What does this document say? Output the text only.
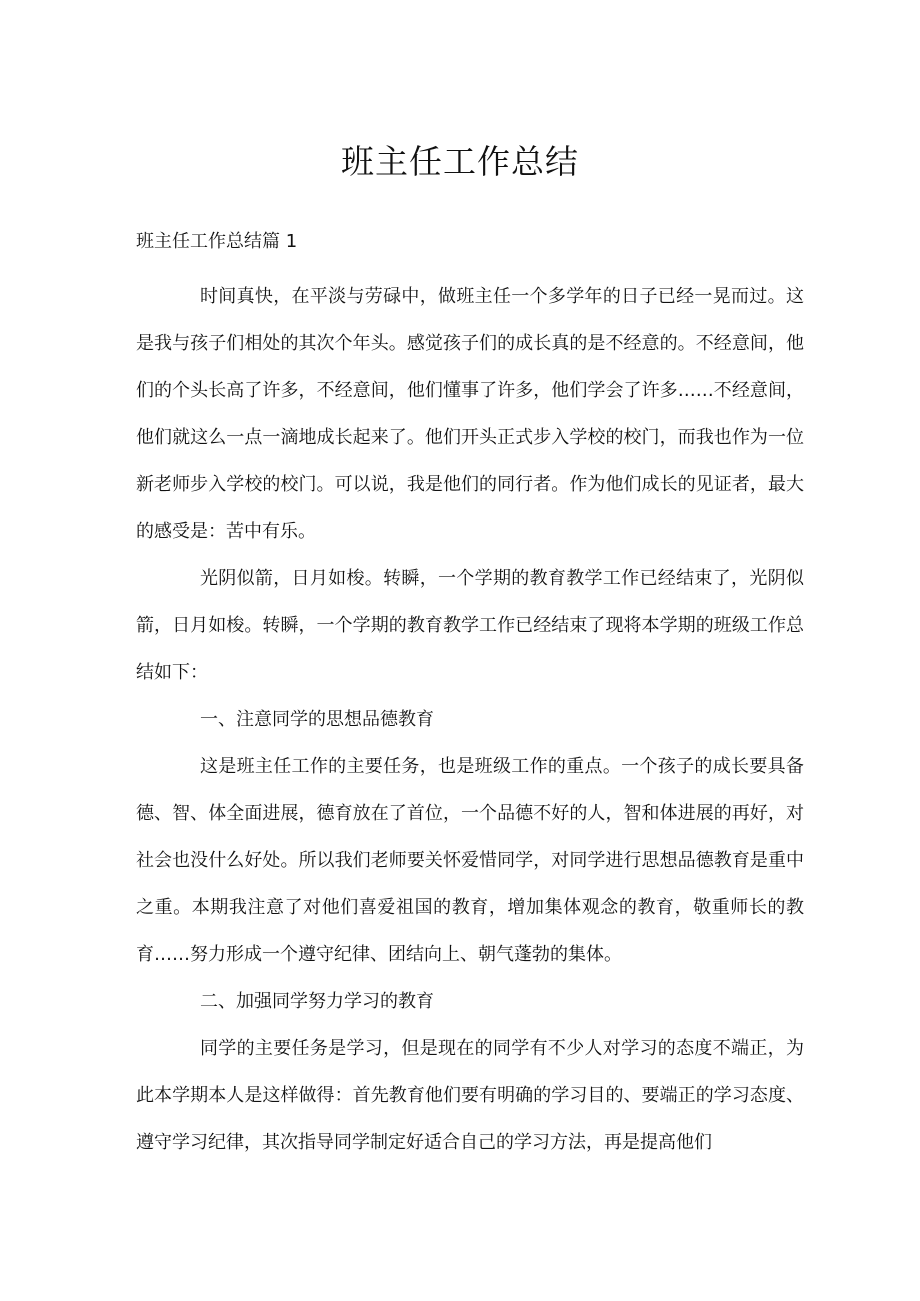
班主任工作总结
班主任工作总结篇 1

时间真快，在平淡与劳碌中，做班主任一个多学年的日子已经一晃而过。这是我与孩子们相处的其次个年头。感觉孩子们的成长真的是不经意的。不经意间，他们的个头长高了许多，不经意间，他们懂事了许多，他们学会了许多……不经意间，他们就这么一点一滴地成长起来了。他们开头正式步入学校的校门，而我也作为一位新老师步入学校的校门。可以说，我是他们的同行者。作为他们成长的见证者，最大的感受是：苦中有乐。

光阴似箭，日月如梭。转瞬，一个学期的教育教学工作已经结束了，光阴似箭，日月如梭。转瞬，一个学期的教育教学工作已经结束了现将本学期的班级工作总结如下：

一、注意同学的思想品德教育

这是班主任工作的主要任务，也是班级工作的重点。一个孩子的成长要具备德、智、体全面进展，德育放在了首位，一个品德不好的人，智和体进展的再好，对社会也没什么好处。所以我们老师要关怀爱惜同学，对同学进行思想品德教育是重中之重。本期我注意了对他们喜爱祖国的教育，增加集体观念的教育，敬重师长的教育……努力形成一个遵守纪律、团结向上、朝气蓬勃的集体。

二、加强同学努力学习的教育

同学的主要任务是学习，但是现在的同学有不少人对学习的态度不端正，为此本学期本人是这样做得：首先教育他们要有明确的学习目的、要端正的学习态度、遵守学习纪律，其次指导同学制定好适合自己的学习方法，再是提高他们
